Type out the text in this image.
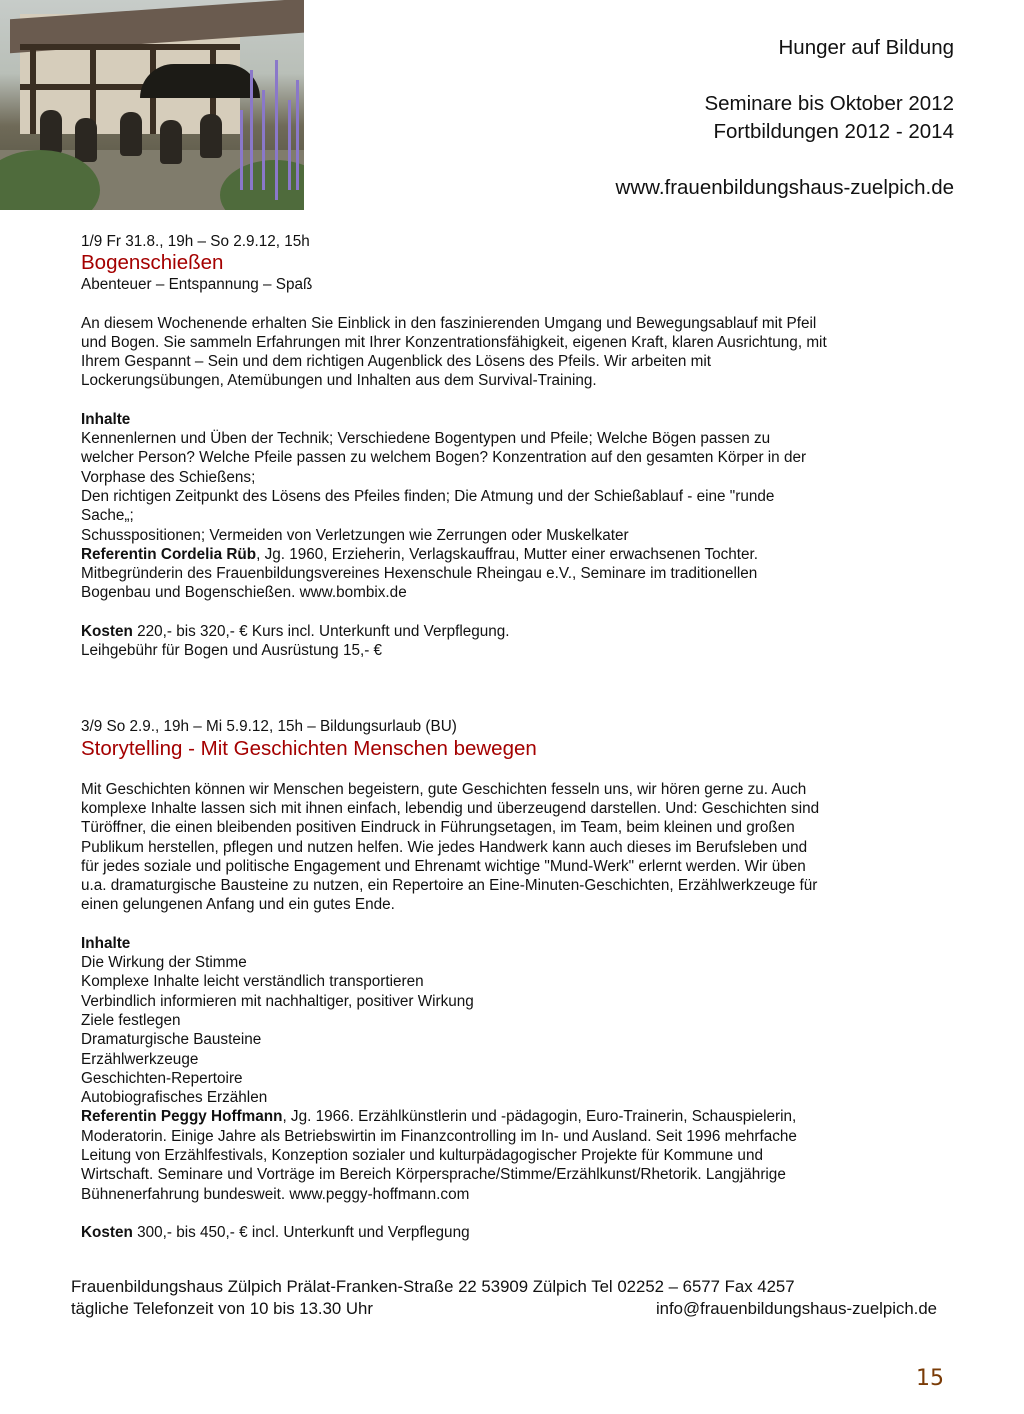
Hunger auf Bildung
Seminare bis Oktober 2012
Fortbildungen 2012 - 2014
www.frauenbildungshaus-zuelpich.de

1/9 Fr 31.8., 19h – So 2.9.12, 15h

Bogenschießen

Abenteuer – Entspannung – Spaß

An diesem Wochenende erhalten Sie Einblick in den faszinierenden Umgang und Bewegungsablauf mit Pfeil

und Bogen. Sie sammeln Erfahrungen mit Ihrer Konzentrationsfähigkeit, eigenen Kraft, klaren Ausrichtung, mit

Ihrem Gespannt – Sein und dem richtigen Augenblick des Lösens des Pfeils. Wir arbeiten mit

Lockerungsübungen, Atemübungen und Inhalten aus dem Survival-Training.

Inhalte

Kennenlernen und Üben der Technik; Verschiedene Bogentypen und Pfeile; Welche Bögen passen zu

welcher Person? Welche Pfeile passen zu welchem Bogen? Konzentration auf den gesamten Körper in der

Vorphase des Schießens;

Den richtigen Zeitpunkt des Lösens des Pfeiles finden; Die Atmung und der Schießablauf - eine "runde

Sache„;

Schusspositionen; Vermeiden von Verletzungen wie Zerrungen oder Muskelkater

Referentin Cordelia Rüb, Jg. 1960, Erzieherin, Verlagskauffrau, Mutter einer erwachsenen Tochter.

Mitbegründerin des Frauenbildungsvereines Hexenschule Rheingau e.V., Seminare im traditionellen

Bogenbau und Bogenschießen. www.bombix.de

Kosten 220,- bis 320,- € Kurs incl. Unterkunft und Verpflegung.

Leihgebühr für Bogen und Ausrüstung 15,- €

3/9 So 2.9., 19h – Mi 5.9.12, 15h – Bildungsurlaub (BU)

Storytelling - Mit Geschichten Menschen bewegen

Mit Geschichten können wir Menschen begeistern, gute Geschichten fesseln uns, wir hören gerne zu. Auch

komplexe Inhalte lassen sich mit ihnen einfach, lebendig und überzeugend darstellen. Und: Geschichten sind

Türöffner, die einen bleibenden positiven Eindruck in Führungsetagen, im Team, beim kleinen und großen

Publikum herstellen, pflegen und nutzen helfen. Wie jedes Handwerk kann auch dieses im Berufsleben und

für jedes soziale und politische Engagement und Ehrenamt wichtige "Mund-Werk" erlernt werden. Wir üben

u.a. dramaturgische Bausteine zu nutzen, ein Repertoire an Eine-Minuten-Geschichten, Erzählwerkzeuge für

einen gelungenen Anfang und ein gutes Ende.

Inhalte

Die Wirkung der Stimme

Komplexe Inhalte leicht verständlich transportieren

Verbindlich informieren mit nachhaltiger, positiver Wirkung

Ziele festlegen

Dramaturgische Bausteine

Erzählwerkzeuge

Geschichten-Repertoire

Autobiografisches Erzählen

Referentin Peggy Hoffmann, Jg. 1966. Erzählkünstlerin und -pädagogin, Euro-Trainerin, Schauspielerin,

Moderatorin. Einige Jahre als Betriebswirtin im Finanzcontrolling im In- und Ausland. Seit 1996 mehrfache

Leitung von Erzählfestivals, Konzeption sozialer und kulturpädagogischer Projekte für Kommune und

Wirtschaft. Seminare und Vorträge im Bereich Körpersprache/Stimme/Erzählkunst/Rhetorik. Langjährige

Bühnenerfahrung bundesweit. www.peggy-hoffmann.com

Kosten 300,- bis 450,- € incl. Unterkunft und Verpflegung

Frauenbildungshaus Zülpich Prälat-Franken-Straße 22 53909 Zülpich Tel 02252 – 6577 Fax 4257
tägliche Telefonzeit von 10 bis 13.30 Uhr	info@frauenbildungshaus-zuelpich.de
15
